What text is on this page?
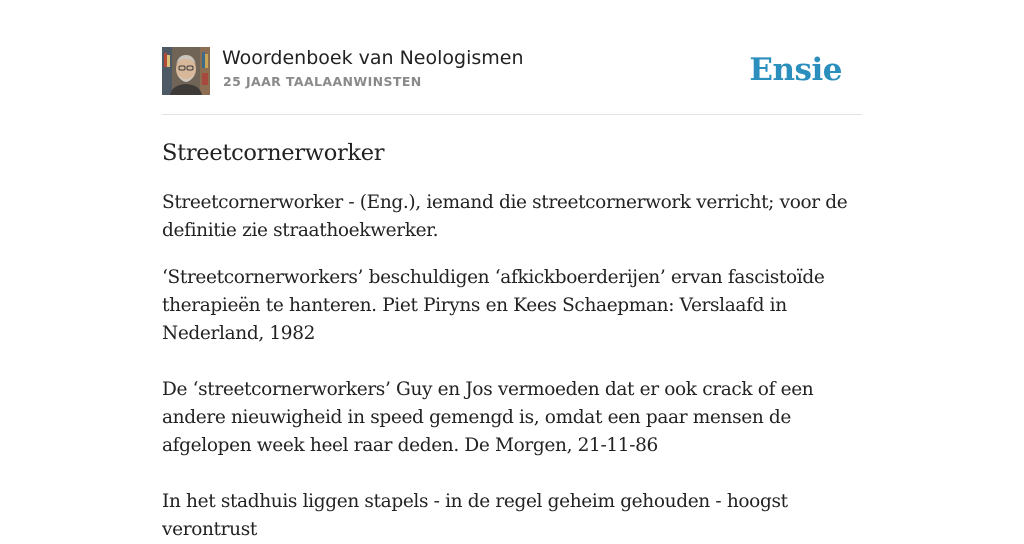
Woordenboek van Neologismen
25 JAAR TAALAANWINSTEN	Ensie
Streetcornerworker

Streetcornerworker - (Eng.), iemand die streetcornerwork verricht; voor de definitie zie straathoekwerker.

‘Streetcornerworkers’ beschuldigen ‘afkickboerderijen’ ervan fascistoïde therapieën te hanteren. Piet Piryns en Kees Schaepman: Verslaafd in Nederland, 1982

De ‘streetcornerworkers’ Guy en Jos vermoeden dat er ook crack of een andere nieuwigheid in speed gemengd is, omdat een paar mensen de afgelopen week heel raar deden. De Morgen, 21-11-86

In het stadhuis liggen stapels - in de regel geheim gehouden - hoogst verontrust
